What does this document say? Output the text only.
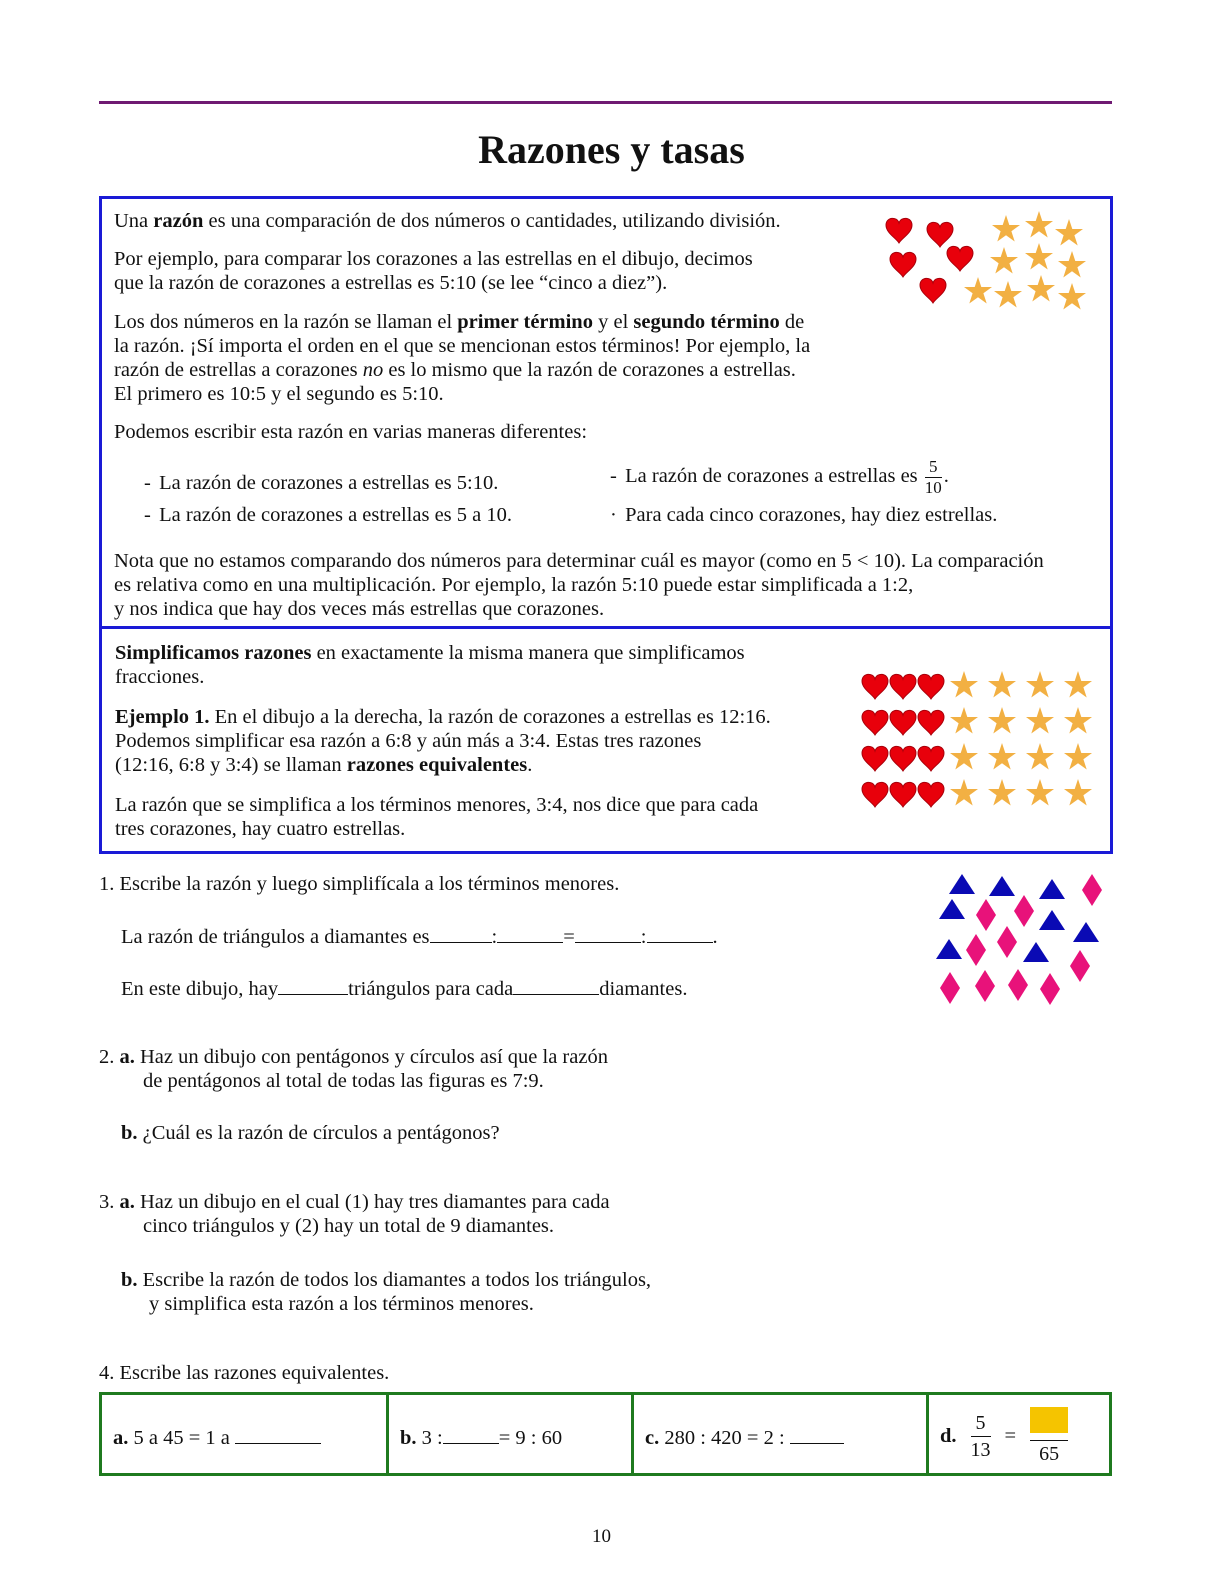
Razones y tasas
Una razón es una comparación de dos números o cantidades, utilizando división.
Por ejemplo, para comparar los corazones a las estrellas en el dibujo, decimos
que la razón de corazones a estrellas es 5:10 (se lee “cinco a diez”).
Los dos números en la razón se llaman el primer término y el segundo término de
la razón. ¡Sí importa el orden en el que se mencionan estos términos! Por ejemplo, la
razón de estrellas a corazones no es lo mismo que la razón de corazones a estrellas.
El primero es 10:5 y el segundo es 5:10.
Podemos escribir esta razón en varias maneras diferentes:
- La razón de corazones a estrellas es 5:10.
- La razón de corazones a estrellas es 5 a 10.
- La razón de corazones a estrellas es $\frac{5}{10}$ .
· Para cada cinco corazones, hay diez estrellas.
Nota que no estamos comparando dos números para determinar cuál es mayor (como en 5 < 10). La comparación
es relativa como en una multiplicación. Por ejemplo, la razón 5:10 puede estar simplificada a 1:2,
y nos indica que hay dos veces más estrellas que corazones.
Simplificamos razones en exactamente la misma manera que simplificamos
fracciones.
Ejemplo 1. En el dibujo a la derecha, la razón de corazones a estrellas es 12:16.
Podemos simplificar esa razón a 6:8 y aún más a 3:4. Estas tres razones
(12:16, 6:8 y 3:4) se llaman razones equivalentes.
La razón que se simplifica a los términos menores, 3:4, nos dice que para cada
tres corazones, hay cuatro estrellas.
1. Escribe la razón y luego simplifícala a los términos menores.
La razón de triángulos a diamantes es	:	=	:	.
En este dibujo, hay	triángulos para cada	diamantes.
2. a. Haz un dibujo con pentágonos y círculos así que la razón
de pentágonos al total de todas las figuras es 7:9.
b. ¿Cuál es la razón de círculos a pentágonos?
3. a. Haz un dibujo en el cual (1) hay tres diamantes para cada
cinco triángulos y (2) hay un total de 9 diamantes.
b. Escribe la razón de todos los diamantes a todos los triángulos,
y simplifica esta razón a los términos menores.
4. Escribe las razones equivalentes.
a. 5 a 45 = 1 a	b. 3 :	= 9 : 60	c. 280 : 420 = 2 :	d. $\frac{5}{13}$ =
65
10
